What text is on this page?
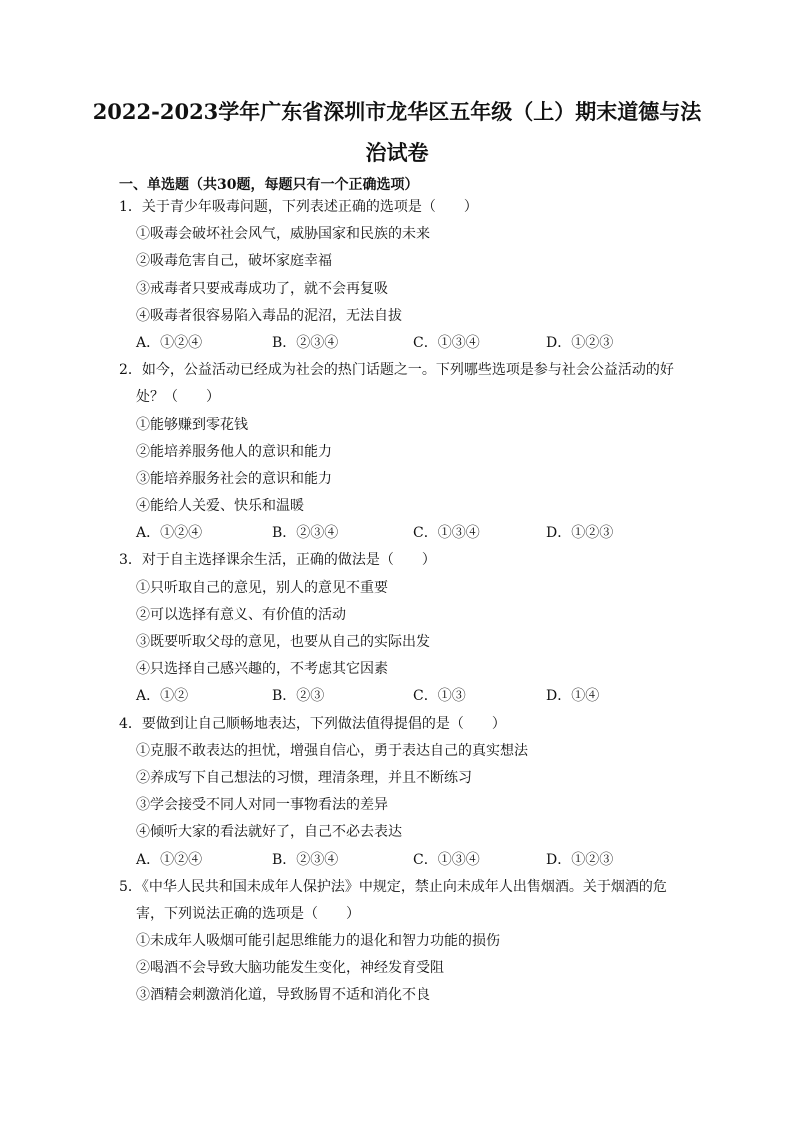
2022-2023学年广东省深圳市龙华区五年级（上）期末道德与法
治试卷
一、单选题（共30题，每题只有一个正确选项）
1．关于青少年吸毒问题，下列表述正确的选项是（　　）
①吸毒会破坏社会风气，威胁国家和民族的未来
②吸毒危害自己，破坏家庭幸福
③戒毒者只要戒毒成功了，就不会再复吸
④吸毒者很容易陷入毒品的泥沼，无法自拔
A．①②④	B．②③④	C．①③④	D．①②③
2．如今，公益活动已经成为社会的热门话题之一。下列哪些选项是参与社会公益活动的好
处？（　　）
①能够赚到零花钱
②能培养服务他人的意识和能力
③能培养服务社会的意识和能力
④能给人关爱、快乐和温暖
A．①②④	B．②③④	C．①③④	D．①②③
3．对于自主选择课余生活，正确的做法是（　　）
①只听取自己的意见，别人的意见不重要
②可以选择有意义、有价值的活动
③既要听取父母的意见，也要从自己的实际出发
④只选择自己感兴趣的，不考虑其它因素
A．①②	B．②③	C．①③	D．①④
4．要做到让自己顺畅地表达，下列做法值得提倡的是（　　）
①克服不敢表达的担忧，增强自信心，勇于表达自己的真实想法
②养成写下自己想法的习惯，理清条理，并且不断练习
③学会接受不同人对同一事物看法的差异
④倾听大家的看法就好了，自己不必去表达
A．①②④	B．②③④	C．①③④	D．①②③
5．《中华人民共和国未成年人保护法》中规定，禁止向未成年人出售烟酒。关于烟酒的危
害，下列说法正确的选项是（　　）
①未成年人吸烟可能引起思维能力的退化和智力功能的损伤
②喝酒不会导致大脑功能发生变化，神经发育受阻
③酒精会刺激消化道，导致肠胃不适和消化不良
